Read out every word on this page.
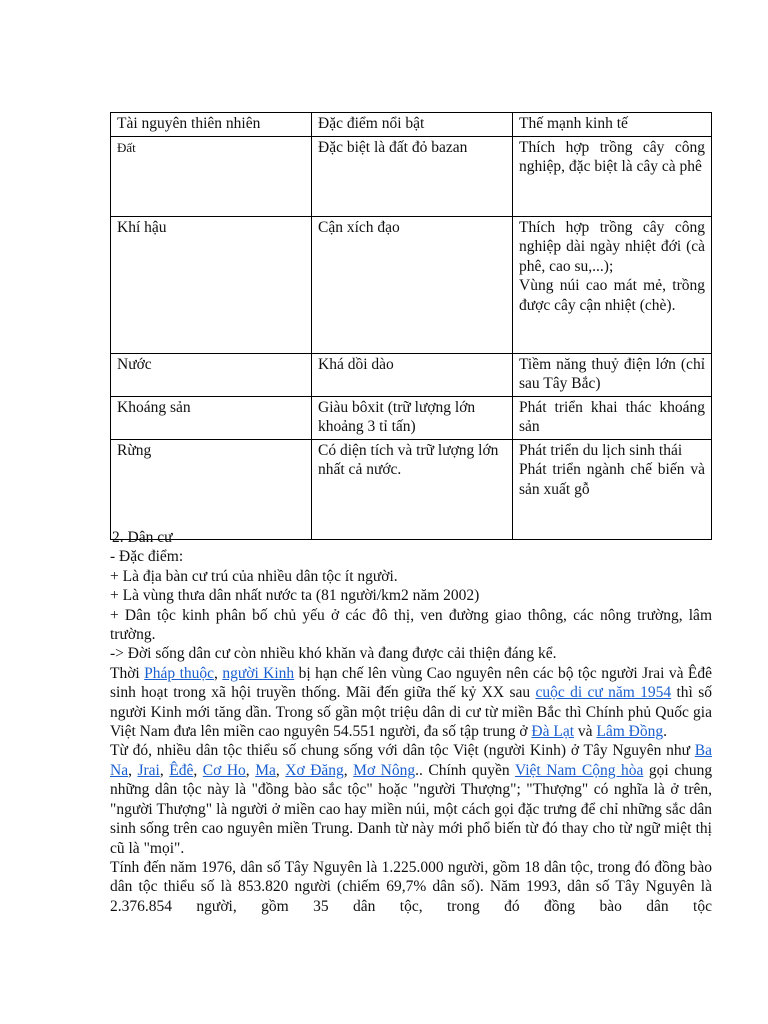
Tài nguyên thiên nhiên	Đặc điểm nổi bật	Thế mạnh kinh tế
Đất	Đặc biệt là đất đỏ bazan	Thích hợp trồng cây công nghiệp, đặc biệt là cây cà phê
Khí hậu	Cận xích đạo	Thích hợp trồng cây công nghiệp dài ngày nhiệt đới (cà phê, cao su,...);
Vùng núi cao mát mẻ, trồng được cây cận nhiệt (chè).

Nước	Khá dồi dào	Tiềm năng thuỷ điện lớn (chỉ sau Tây Bắc)
Khoáng sản	Giàu bôxit (trữ lượng lớn khoảng 3 tỉ tấn)	Phát triển khai thác khoáng sản
Rừng	Có diện tích và trữ lượng lớn nhất cả nước.	Phát triển du lịch sinh thái
Phát triển ngành chế biến và sản xuất gỗ

2. Dân cư

- Đặc điểm:

+ Là địa bàn cư trú của nhiều dân tộc ít người.

+ Là vùng thưa dân nhất nước ta (81 người/km2 năm 2002)

+ Dân tộc kinh phân bố chủ yếu ở các đô thị, ven đường giao thông, các nông trường, lâm trường.

-> Đời sống dân cư còn nhiều khó khăn và đang được cải thiện đáng kể.

Thời Pháp thuộc, người Kinh bị hạn chế lên vùng Cao nguyên nên các bộ tộc người Jrai và Êđê sinh hoạt trong xã hội truyền thống. Mãi đến giữa thế kỷ XX sau cuộc di cư năm 1954 thì số người Kinh mới tăng dần. Trong số gần một triệu dân di cư từ miền Bắc thì Chính phủ Quốc gia Việt Nam đưa lên miền cao nguyên 54.551 người, đa số tập trung ở Đà Lạt và Lâm Đồng.

Từ đó, nhiều dân tộc thiểu số chung sống với dân tộc Việt (người Kinh) ở Tây Nguyên như Ba Na, Jrai, Êđê, Cơ Ho, Ma, Xơ Đăng, Mơ Nông.. Chính quyền Việt Nam Cộng hòa gọi chung những dân tộc này là "đồng bào sắc tộc" hoặc "người Thượng"; "Thượng" có nghĩa là ở trên, "người Thượng" là người ở miền cao hay miền núi, một cách gọi đặc trưng để chỉ những sắc dân sinh sống trên cao nguyên miền Trung. Danh từ này mới phổ biến từ đó thay cho từ ngữ miệt thị cũ là "mọi".

Tính đến năm 1976, dân số Tây Nguyên là 1.225.000 người, gồm 18 dân tộc, trong đó đồng bào dân tộc thiểu số là 853.820 người (chiếm 69,7% dân số). Năm 1993, dân số Tây Nguyên là 2.376.854 người, gồm 35 dân tộc, trong đó đồng bào dân tộc
